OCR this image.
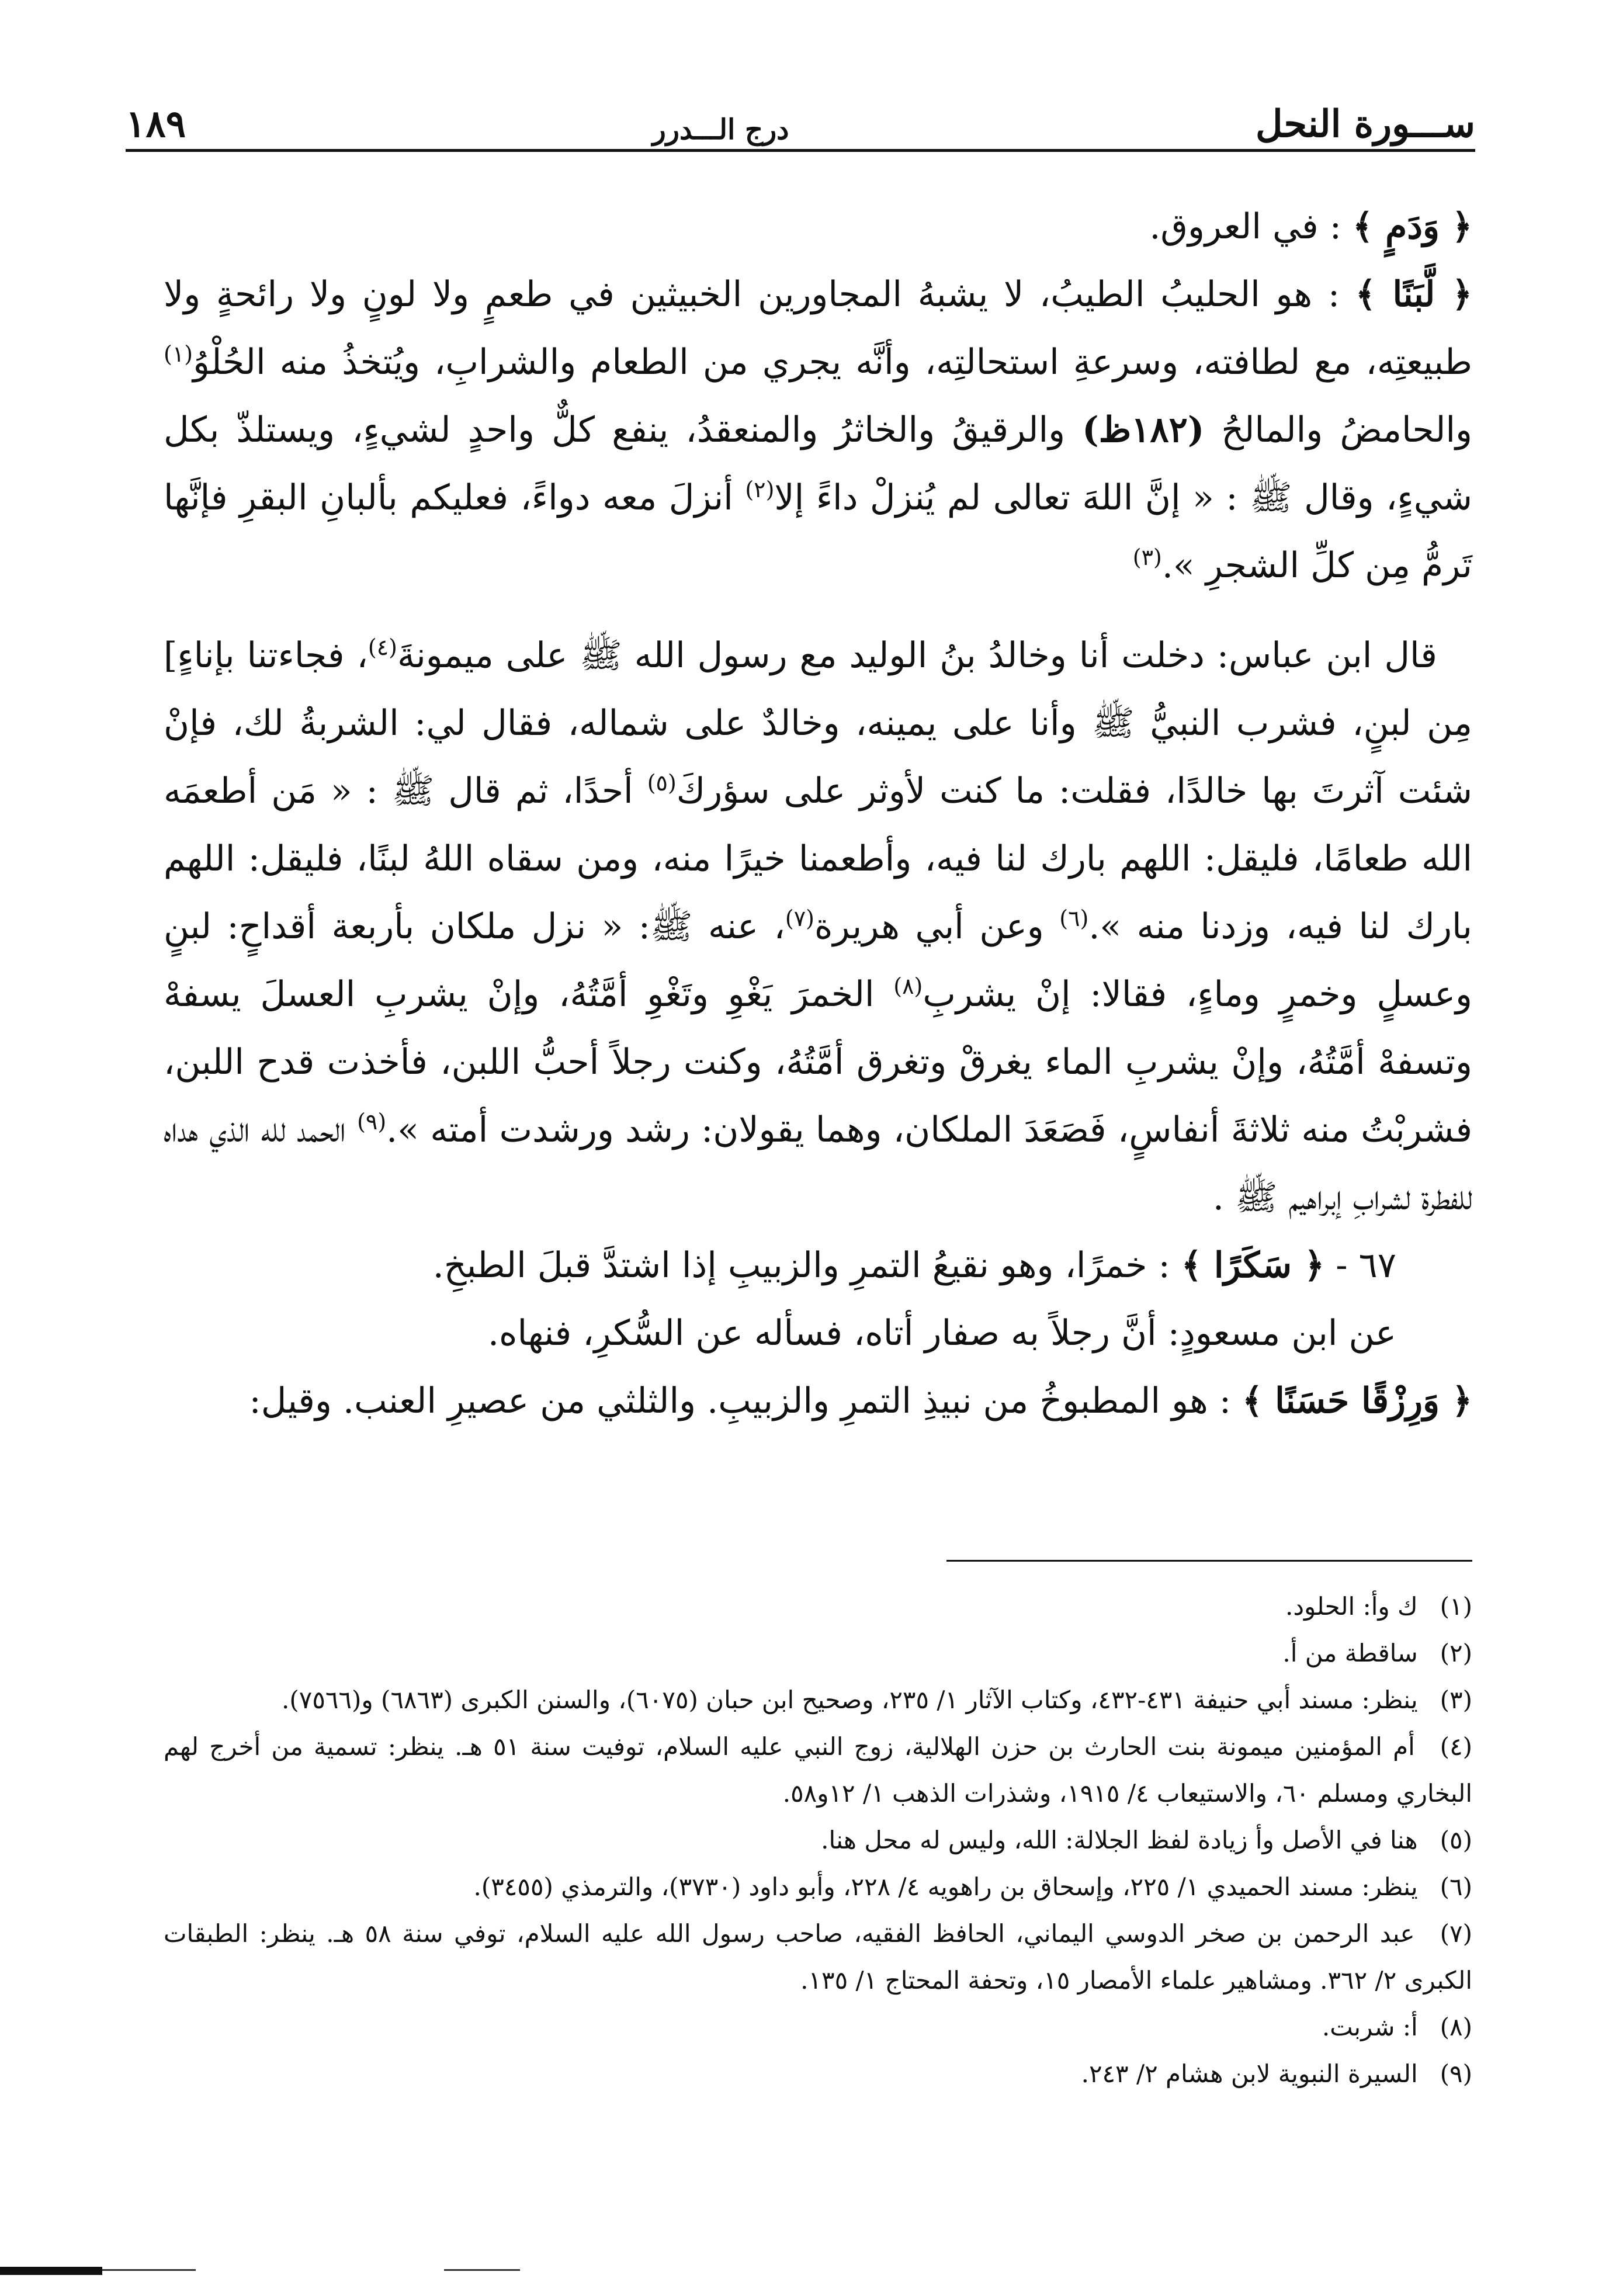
ســـورة النحل
درج الـــدرر
١٨٩

﴿ وَدَمٍ ﴾ : في العروق.

﴿ لَّبَنًا ﴾ : هو الحليبُ الطيبُ، لا يشبهُ المجاورين الخبيثين في طعمٍ ولا لونٍ ولا رائحةٍ ولا طبيعتِه، مع لطافته، وسرعةِ استحالتِه، وأنَّه يجري من الطعام والشرابِ، ويُتخذُ منه الحُلْوُ$^{(١)}$ والحامضُ والمالحُ (١٨٢ظ) والرقيقُ والخاثرُ والمنعقدُ، ينفع كلٌّ واحدٍ لشيءٍ، ويستلذّ بكل شيءٍ، وقال ﷺ : « إنَّ اللهَ تعالى لم يُنزلْ داءً إلا$^{(٢)}$ أنزلَ معه دواءً، فعليكم بألبانِ البقرِ فإنَّها تَرمُّ مِن كلِّ الشجرِ ».$^{(٣)}$

قال ابن عباس: دخلت أنا وخالدُ بنُ الوليد مع رسول الله ﷺ على ميمونةَ$^{(٤)}$، فجاءتنا بإناءٍ] مِن لبنٍ، فشرب النبيُّ ﷺ وأنا على يمينه، وخالدٌ على شماله، فقال لي: الشربةُ لك، فإنْ شئت آثرتَ بها خالدًا، فقلت: ما كنت لأوثر على سؤركَ$^{(٥)}$ أحدًا، ثم قال ﷺ : « مَن أطعمَه الله طعامًا، فليقل: اللهم بارك لنا فيه، وأطعمنا خيرًا منه، ومن سقاه اللهُ لبنًا، فليقل: اللهم بارك لنا فيه، وزدنا منه ».$^{(٦)}$ وعن أبي هريرة$^{(٧)}$، عنه ﷺ: « نزل ملكان بأربعة أقداحٍ: لبنٍ وعسلٍ وخمرٍ وماءٍ، فقالا: إنْ يشربِ$^{(٨)}$ الخمرَ يَغْوِ وتَغْوِ أمَّتُهُ، وإنْ يشربِ العسلَ يسفهْ وتسفهْ أمَّتُهُ، وإنْ يشربِ الماء يغرقْ وتغرق أمَّتُهُ، وكنت رجلاً أحبُّ اللبن، فأخذت قدح اللبن، فشربْتُ منه ثلاثةَ أنفاسٍ، فَصَعَدَ الملكان، وهما يقولان: رشد ورشدت أمته ».$^{(٩)}$ الحمد لله الذي هداه للفطرة لشرابِ إبراهيم ﷺ .

٦٧ - ﴿ سَكَرًا ﴾ : خمرًا، وهو نقيعُ التمرِ والزبيبِ إذا اشتدَّ قبلَ الطبخِ.

عن ابن مسعودٍ: أنَّ رجلاً به صفار أتاه، فسأله عن السُّكرِ، فنهاه.

﴿ وَرِزْقًا حَسَنًا ﴾ : هو المطبوخُ من نبيذِ التمرِ والزبيبِ. والثلثي من عصيرِ العنب. وقيل:

(١) ك وأ: الحلود.

(٢) ساقطة من أ.

(٣) ينظر: مسند أبي حنيفة ٤٣١-٤٣٢، وكتاب الآثار ١/ ٢٣٥، وصحيح ابن حبان (٦٠٧٥)، والسنن الكبرى (٦٨٦٣) و(٧٥٦٦).

(٤) أم المؤمنين ميمونة بنت الحارث بن حزن الهلالية، زوج النبي عليه السلام، توفيت سنة ٥١ هـ. ينظر: تسمية من أخرج لهم البخاري ومسلم ٦٠، والاستيعاب ٤/ ١٩١٥، وشذرات الذهب ١/ ١٢و٥٨.

(٥) هنا في الأصل وأ زيادة لفظ الجلالة: الله، وليس له محل هنا.

(٦) ينظر: مسند الحميدي ١/ ٢٢٥، وإسحاق بن راهويه ٤/ ٢٢٨، وأبو داود (٣٧٣٠)، والترمذي (٣٤٥٥).

(٧) عبد الرحمن بن صخر الدوسي اليماني، الحافظ الفقيه، صاحب رسول الله عليه السلام، توفي سنة ٥٨ هـ. ينظر: الطبقات الكبرى ٢/ ٣٦٢. ومشاهير علماء الأمصار ١٥، وتحفة المحتاج ١/ ١٣٥.

(٨) أ: شربت.

(٩) السيرة النبوية لابن هشام ٢/ ٢٤٣.
